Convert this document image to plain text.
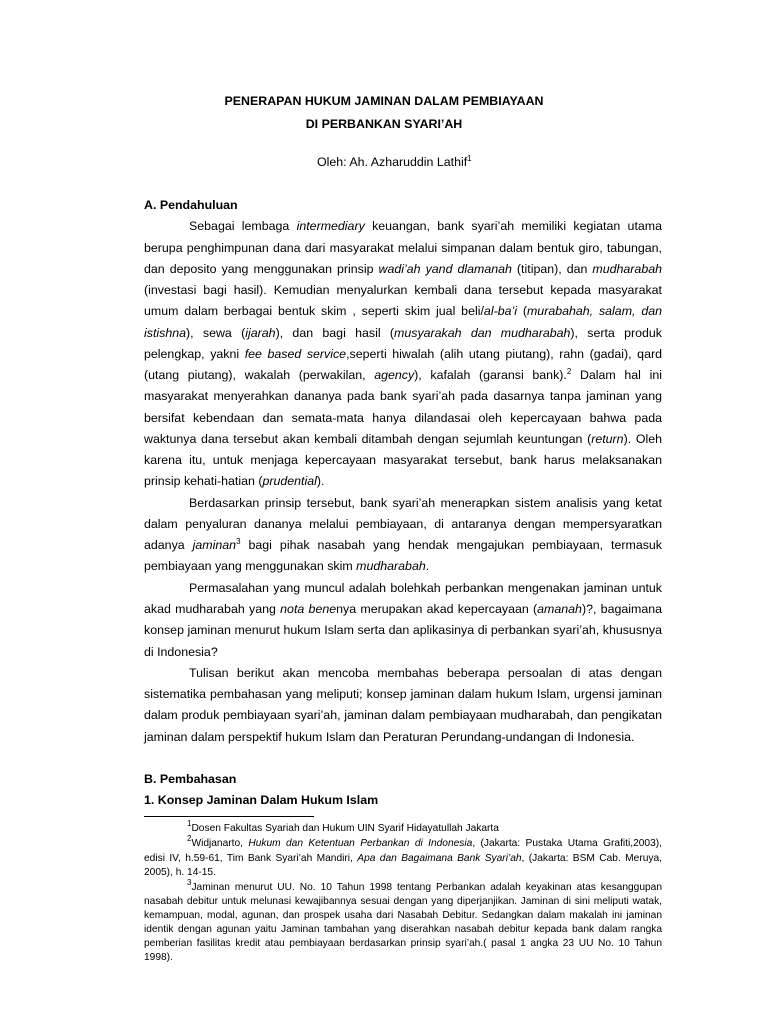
PENERAPAN HUKUM JAMINAN DALAM PEMBIAYAAN
DI PERBANKAN SYARI’AH
Oleh: Ah. Azharuddin Lathif$^1$
A. Pendahuluan
Sebagai lembaga intermediary keuangan, bank syari’ah memiliki kegiatan utama
berupa penghimpunan dana dari masyarakat melalui simpanan dalam bentuk giro, tabungan,
dan deposito yang menggunakan prinsip wadi’ah yand dlamanah (titipan), dan mudharabah
(investasi bagi hasil). Kemudian menyalurkan kembali dana tersebut kepada masyarakat
umum dalam berbagai bentuk skim , seperti skim jual beli/al-ba’i (murabahah, salam, dan
istishna), sewa (ijarah), dan bagi hasil (musyarakah dan mudharabah), serta produk
pelengkap, yakni fee based service,seperti hiwalah (alih utang piutang), rahn (gadai), qard
(utang piutang), wakalah (perwakilan, agency), kafalah (garansi bank).$^2$ Dalam hal ini
masyarakat menyerahkan dananya pada bank syari’ah pada dasarnya tanpa jaminan yang
bersifat kebendaan dan semata-mata hanya dilandasai oleh kepercayaan bahwa pada
waktunya dana tersebut akan kembali ditambah dengan sejumlah keuntungan (return). Oleh
karena itu, untuk menjaga kepercayaan masyarakat tersebut, bank harus melaksanakan
prinsip kehati-hatian (prudential).
Berdasarkan prinsip tersebut, bank syari’ah menerapkan sistem analisis yang ketat
dalam penyaluran dananya melalui pembiayaan, di antaranya dengan mempersyaratkan
adanya jaminan$^3$ bagi pihak nasabah yang hendak mengajukan pembiayaan, termasuk
pembiayaan yang menggunakan skim mudharabah.
Permasalahan yang muncul adalah bolehkah perbankan mengenakan jaminan untuk
akad mudharabah yang nota benenya merupakan akad kepercayaan (amanah)?, bagaimana
konsep jaminan menurut hukum Islam serta dan aplikasinya di perbankan syari’ah, khususnya
di Indonesia?
Tulisan berikut akan mencoba membahas beberapa persoalan di atas dengan
sistematika pembahasan yang meliputi; konsep jaminan dalam hukum Islam, urgensi jaminan
dalam produk pembiayaan syari’ah, jaminan dalam pembiayaan mudharabah, dan pengikatan
jaminan dalam perspektif hukum Islam dan Peraturan Perundang-undangan di Indonesia.
B. Pembahasan
1. Konsep Jaminan Dalam Hukum Islam
$^1$Dosen Fakultas Syariah dan Hukum UIN Syarif Hidayatullah Jakarta
$^2$Widjanarto, Hukum dan Ketentuan Perbankan di Indonesia, (Jakarta: Pustaka Utama Grafiti,2003),
edisi IV, h.59-61, Tim Bank Syari’ah Mandiri, Apa dan Bagaimana Bank Syari’ah, (Jakarta: BSM Cab. Meruya,
2005), h. 14-15.
$^3$Jaminan menurut UU. No. 10 Tahun 1998 tentang Perbankan adalah keyakinan atas kesanggupan
nasabah debitur untuk melunasi kewajibannya sesuai dengan yang diperjanjikan. Jaminan di sini meliputi watak,
kemampuan, modal, agunan, dan prospek usaha dari Nasabah Debitur. Sedangkan dalam makalah ini jaminan
identik dengan agunan yaitu Jaminan tambahan yang diserahkan nasabah debitur kepada bank dalam rangka
pemberian fasilitas kredit atau pembiayaan berdasarkan prinsip syari’ah.( pasal 1 angka 23 UU No. 10 Tahun
1998).
